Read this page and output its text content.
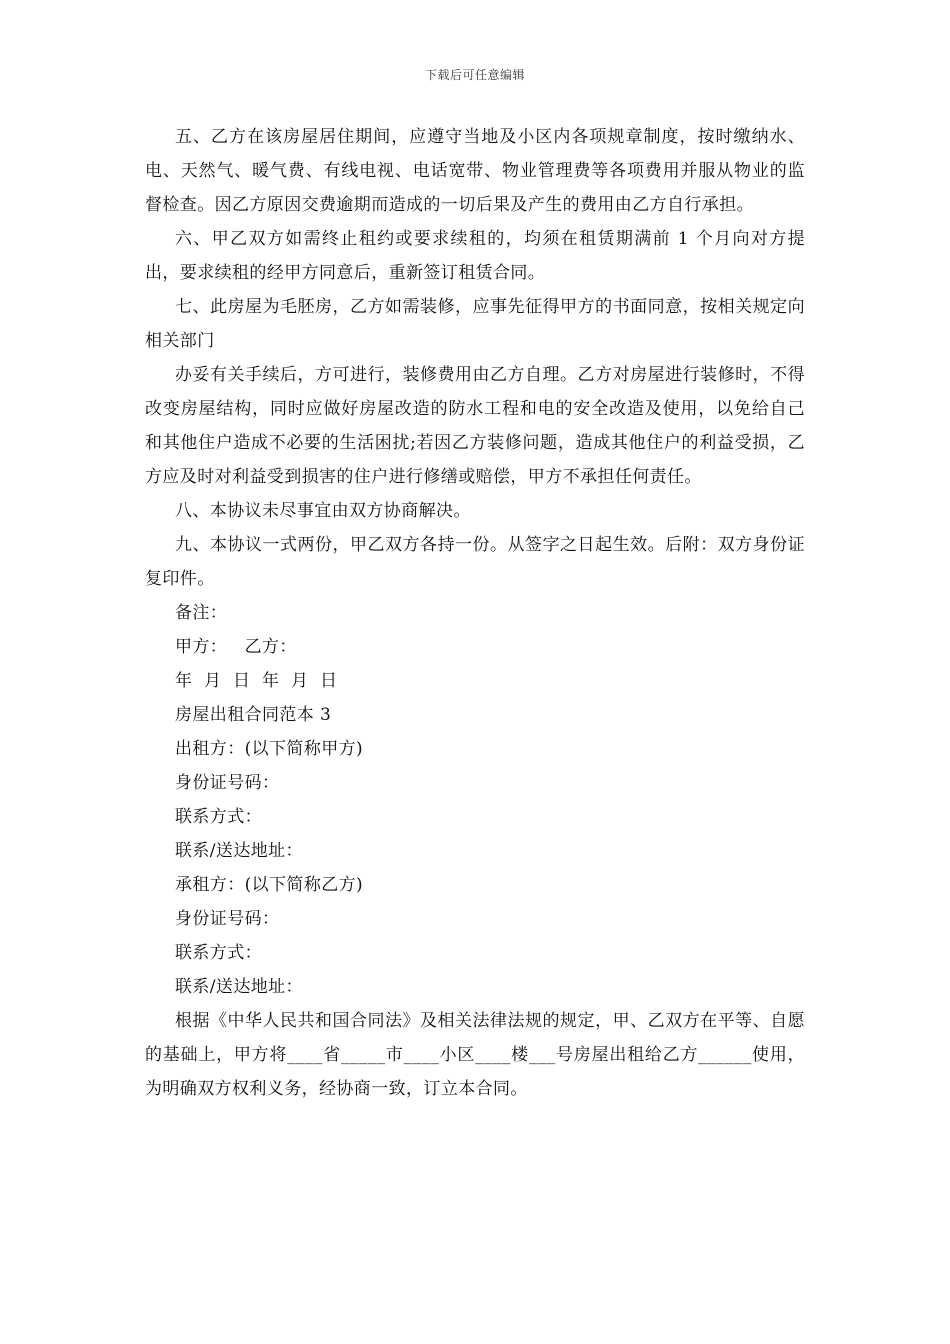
下载后可任意编辑

五、乙方在该房屋居住期间，应遵守当地及小区内各项规章制度，按时缴纳水、电、天然气、暖气费、有线电视、电话宽带、物业管理费等各项费用并服从物业的监督检查。因乙方原因交费逾期而造成的一切后果及产生的费用由乙方自行承担。

六、甲乙双方如需终止租约或要求续租的，均须在租赁期满前 1 个月向对方提出，要求续租的经甲方同意后，重新签订租赁合同。

七、此房屋为毛胚房，乙方如需装修，应事先征得甲方的书面同意，按相关规定向相关部门

办妥有关手续后，方可进行，装修费用由乙方自理。乙方对房屋进行装修时，不得改变房屋结构，同时应做好房屋改造的防水工程和电的安全改造及使用，以免给自己和其他住户造成不必要的生活困扰;若因乙方装修问题，造成其他住户的利益受损，乙方应及时对利益受到损害的住户进行修缮或赔偿，甲方不承担任何责任。

八、本协议未尽事宜由双方协商解决。

九、本协议一式两份，甲乙双方各持一份。从签字之日起生效。后附：双方身份证复印件。

备注：

甲方：   乙方：

年  月  日  年  月  日

房屋出租合同范本 3

出租方：(以下简称甲方)

身份证号码：

联系方式：

联系/送达地址：

承租方：(以下简称乙方)

身份证号码：

联系方式：

联系/送达地址：

根据《中华人民共和国合同法》及相关法律法规的规定，甲、乙双方在平等、自愿的基础上，甲方将____省_____市____小区____楼___号房屋出租给乙方______使用，为明确双方权利义务，经协商一致，订立本合同。
